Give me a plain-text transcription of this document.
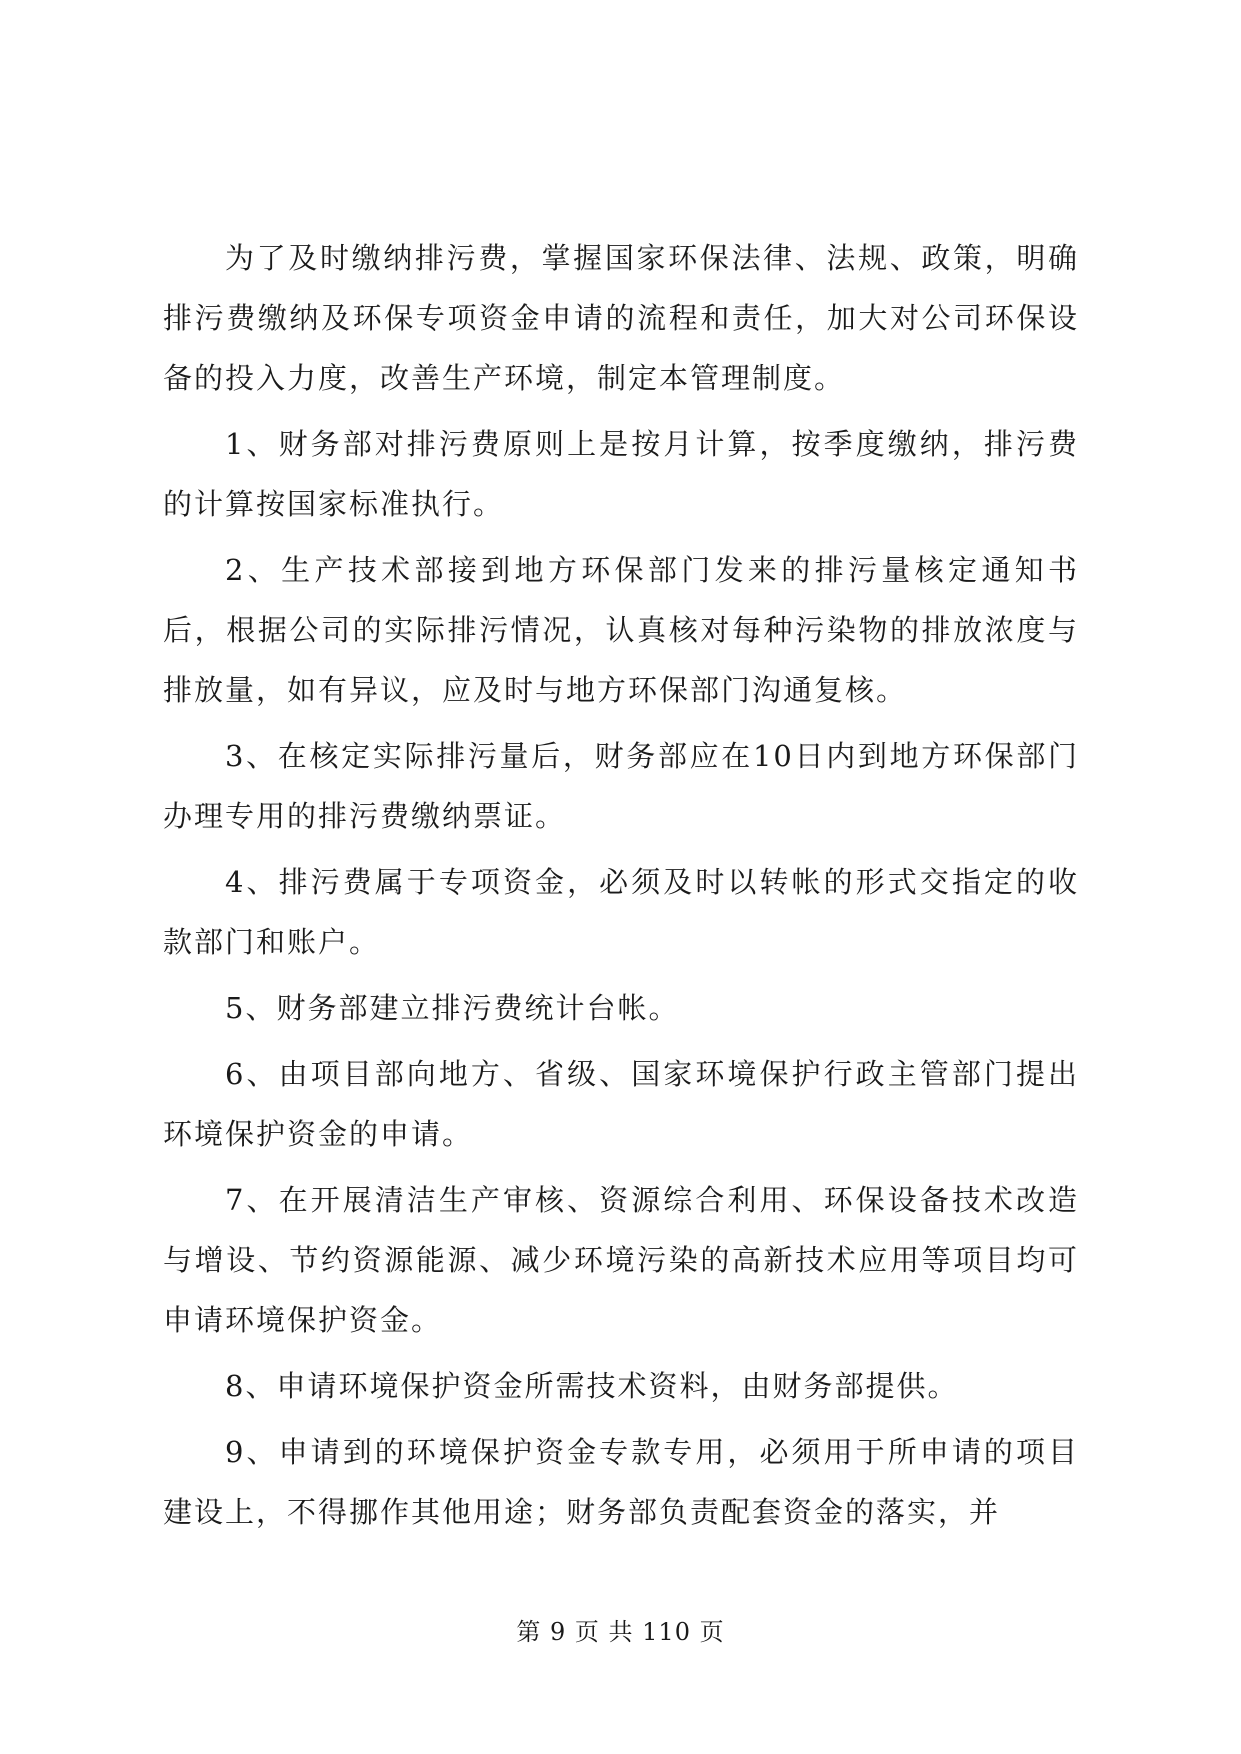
为了及时缴纳排污费，掌握国家环保法律、法规、政策，明确排污费缴纳及环保专项资金申请的流程和责任，加大对公司环保设备的投入力度，改善生产环境，制定本管理制度。

1、财务部对排污费原则上是按月计算，按季度缴纳，排污费的计算按国家标准执行。

2、生产技术部接到地方环保部门发来的排污量核定通知书后，根据公司的实际排污情况，认真核对每种污染物的排放浓度与排放量，如有异议，应及时与地方环保部门沟通复核。

3、在核定实际排污量后，财务部应在10日内到地方环保部门办理专用的排污费缴纳票证。

4、排污费属于专项资金，必须及时以转帐的形式交指定的收款部门和账户。

5、财务部建立排污费统计台帐。

6、由项目部向地方、省级、国家环境保护行政主管部门提出环境保护资金的申请。

7、在开展清洁生产审核、资源综合利用、环保设备技术改造与增设、节约资源能源、减少环境污染的高新技术应用等项目均可申请环境保护资金。

8、申请环境保护资金所需技术资料，由财务部提供。

9、申请到的环境保护资金专款专用，必须用于所申请的项目建设上，不得挪作其他用途；财务部负责配套资金的落实，并

第 9 页 共 110 页
